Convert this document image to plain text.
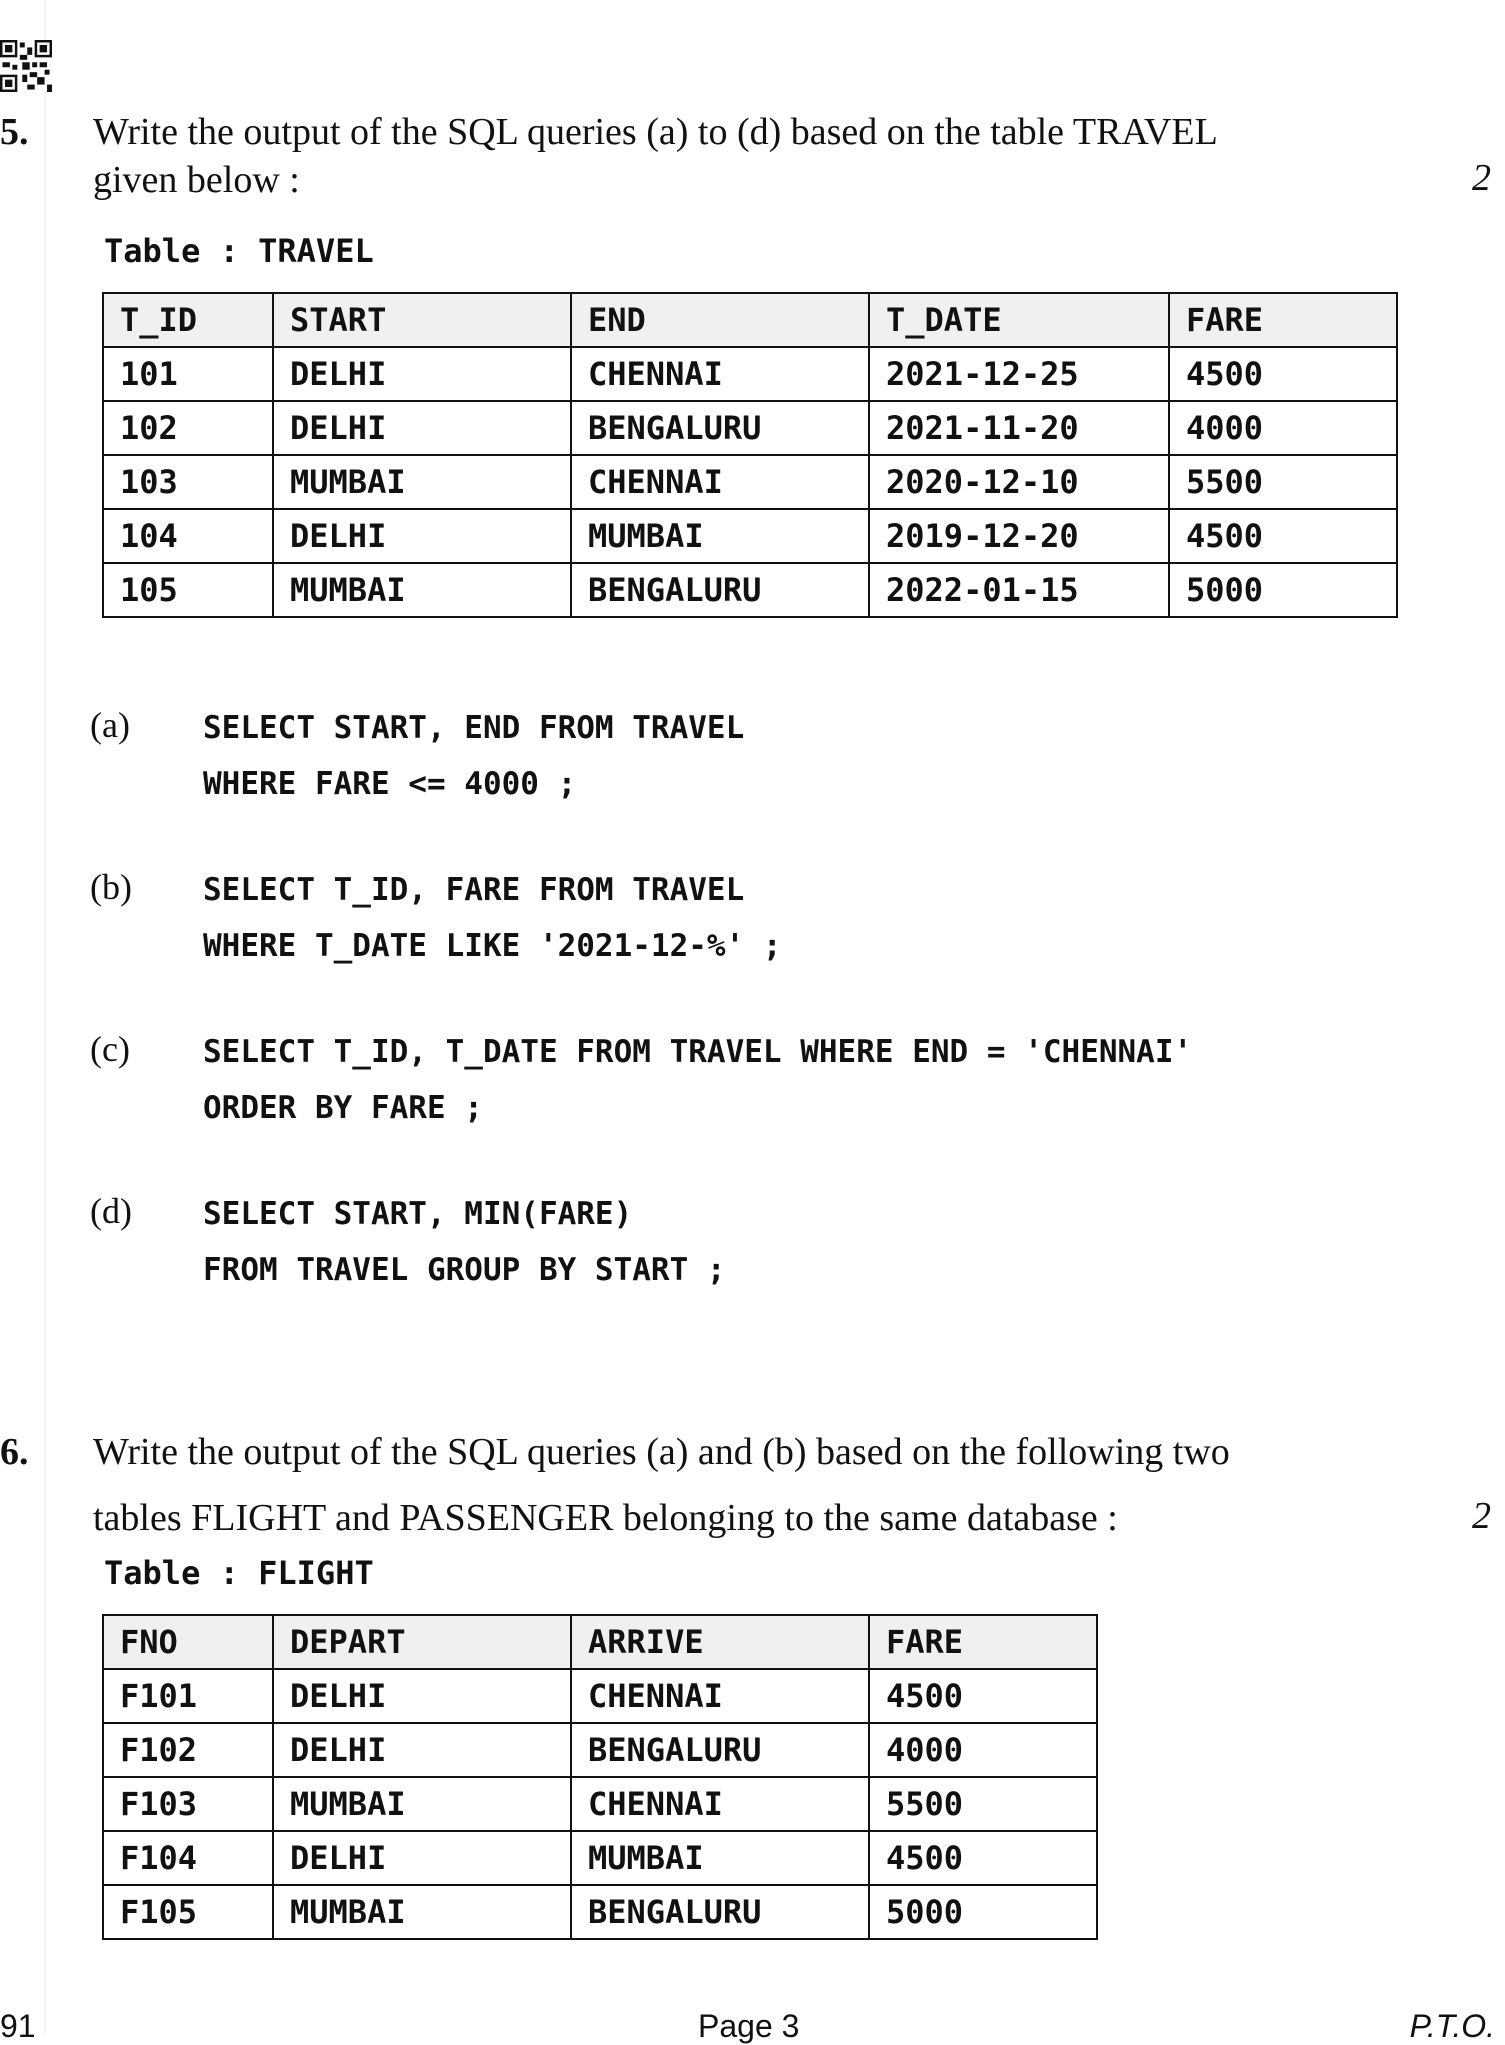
5. Write the output of the SQL queries (a) to (d) based on the table TRAVEL
given below :	2
Table : TRAVEL
T_ID	START	END	T_DATE	FARE
101	DELHI	CHENNAI	2021-12-25	4500
102	DELHI	BENGALURU	2021-11-20	4000
103	MUMBAI	CHENNAI	2020-12-10	5500
104	DELHI	MUMBAI	2019-12-20	4500
105	MUMBAI	BENGALURU	2022-01-15	5000
(a) SELECT START, END FROM TRAVEL
WHERE FARE <= 4000 ;
(b) SELECT T_ID, FARE FROM TRAVEL
WHERE T_DATE LIKE '2021-12-%' ;
(c) SELECT T_ID, T_DATE FROM TRAVEL WHERE END = 'CHENNAI'
ORDER BY FARE ;
(d) SELECT START, MIN(FARE)
FROM TRAVEL GROUP BY START ;
6. Write the output of the SQL queries (a) and (b) based on the following two
tables FLIGHT and PASSENGER belonging to the same database :	2
Table : FLIGHT
FNO	DEPART	ARRIVE	FARE
F101	DELHI	CHENNAI	4500
F102	DELHI	BENGALURU	4000
F103	MUMBAI	CHENNAI	5500
F104	DELHI	MUMBAI	4500
F105	MUMBAI	BENGALURU	5000
91	Page 3	P.T.O.
